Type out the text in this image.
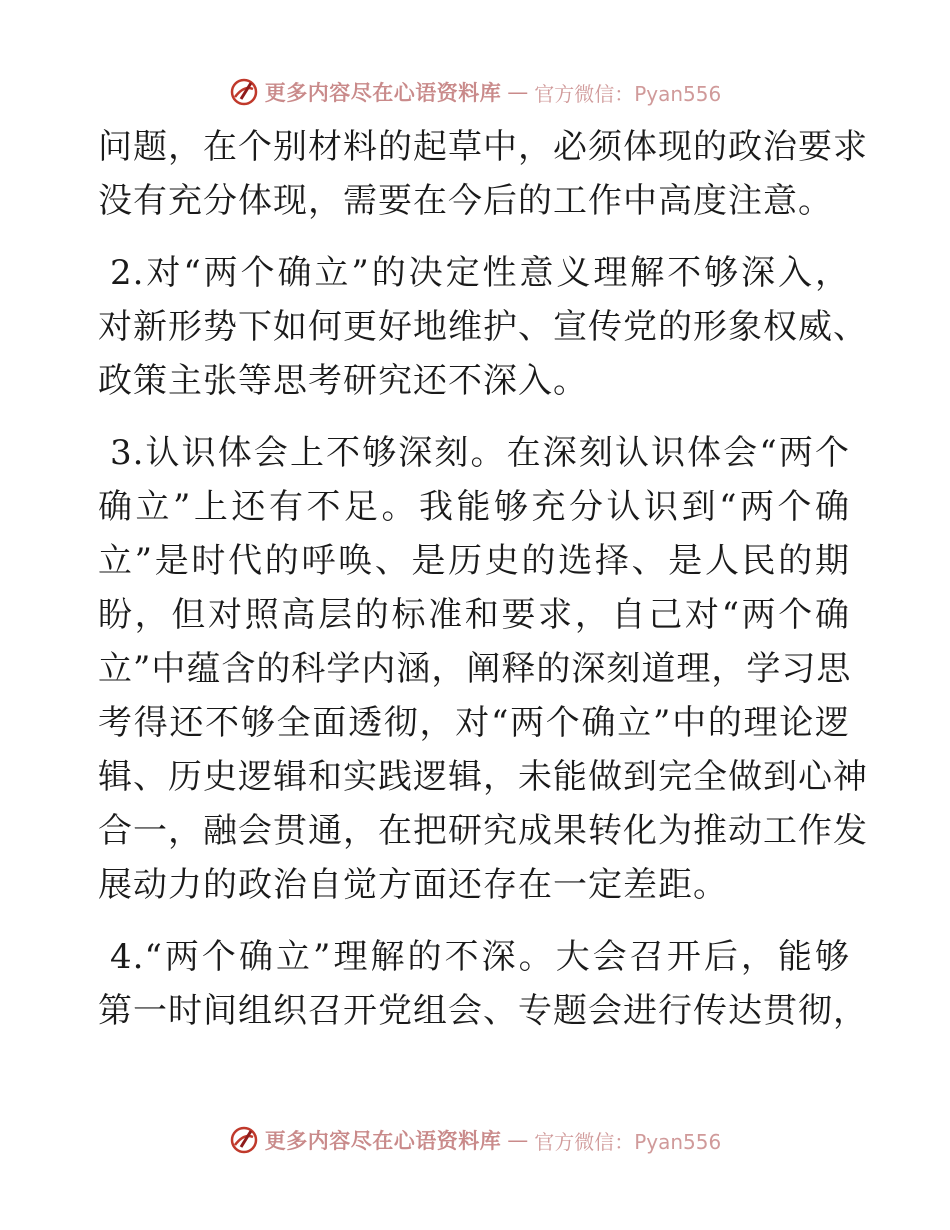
更多内容尽在心语资料库 — 官方微信：Pyan556
问题，在个别材料的起草中，必须体现的政治要求
没有充分体现，需要在今后的工作中高度注意。
2.对“两个确立”的决定性意义理解不够深入，
对新形势下如何更好地维护、宣传党的形象权威、
政策主张等思考研究还不深入。
3.认识体会上不够深刻。在深刻认识体会“两个
确立”上还有不足。我能够充分认识到“两个确
立”是时代的呼唤、是历史的选择、是人民的期
盼，但对照高层的标准和要求，自己对“两个确
立”中蕴含的科学内涵，阐释的深刻道理，学习思
考得还不够全面透彻，对“两个确立”中的理论逻
辑、历史逻辑和实践逻辑，未能做到完全做到心神
合一，融会贯通，在把研究成果转化为推动工作发
展动力的政治自觉方面还存在一定差距。
4.“两个确立”理解的不深。大会召开后，能够
第一时间组织召开党组会、专题会进行传达贯彻，
更多内容尽在心语资料库 — 官方微信：Pyan556
